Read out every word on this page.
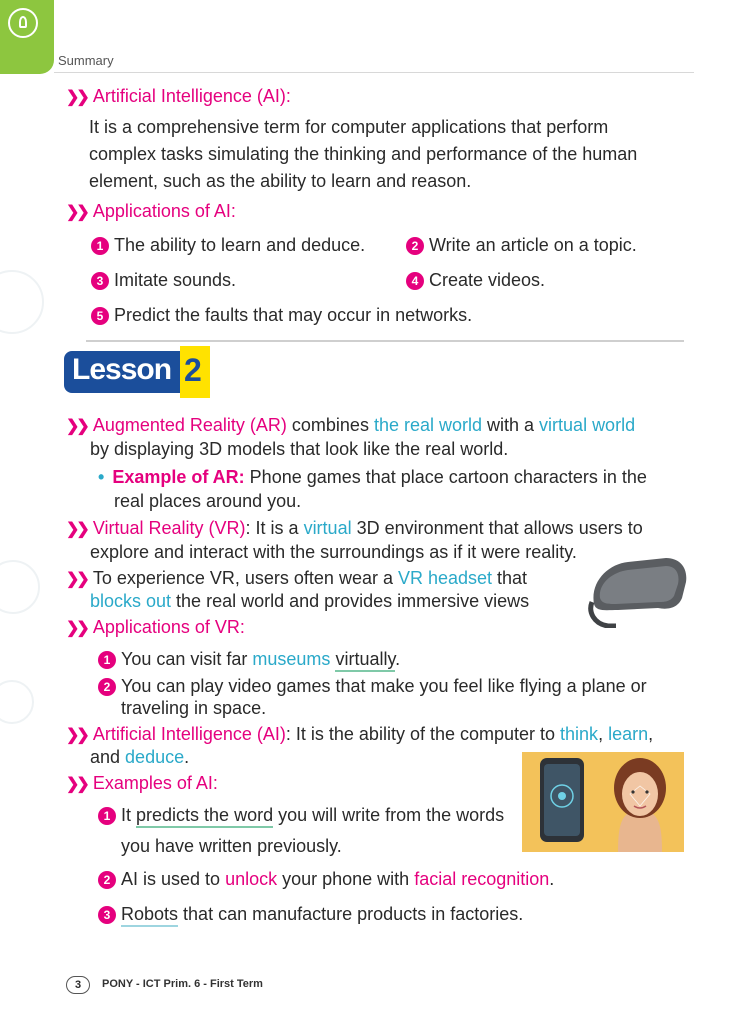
Summary
❯❯ Artificial Intelligence (AI):
It is a comprehensive term for computer applications that perform
complex tasks simulating the thinking and performance of the human
element, such as the ability to learn and reason.
❯❯ Applications of AI:
1 The ability to learn and deduce.	2 Write an article on a topic.
3 Imitate sounds.	4 Create videos.
5 Predict the faults that may occur in networks.
Lesson 2
❯❯ Augmented Reality (AR) combines the real world with a virtual world
by displaying 3D models that look like the real world.
• Example of AR: Phone games that place cartoon characters in the
real places around you.
❯❯ Virtual Reality (VR): It is a virtual 3D environment that allows users to
explore and interact with the surroundings as if it were reality.
❯❯ To experience VR, users often wear a VR headset that
blocks out the real world and provides immersive views
❯❯ Applications of VR:
1 You can visit far museums virtually.
2 You can play video games that make you feel like flying a plane or
traveling in space.
❯❯ Artificial Intelligence (AI): It is the ability of the computer to think, learn,
and deduce.
❯❯ Examples of AI:
1 It predicts the word you will write from the words
you have written previously.
2 AI is used to unlock your phone with facial recognition.
3 Robots that can manufacture products in factories.
3	PONY - ICT Prim. 6 - First Term
